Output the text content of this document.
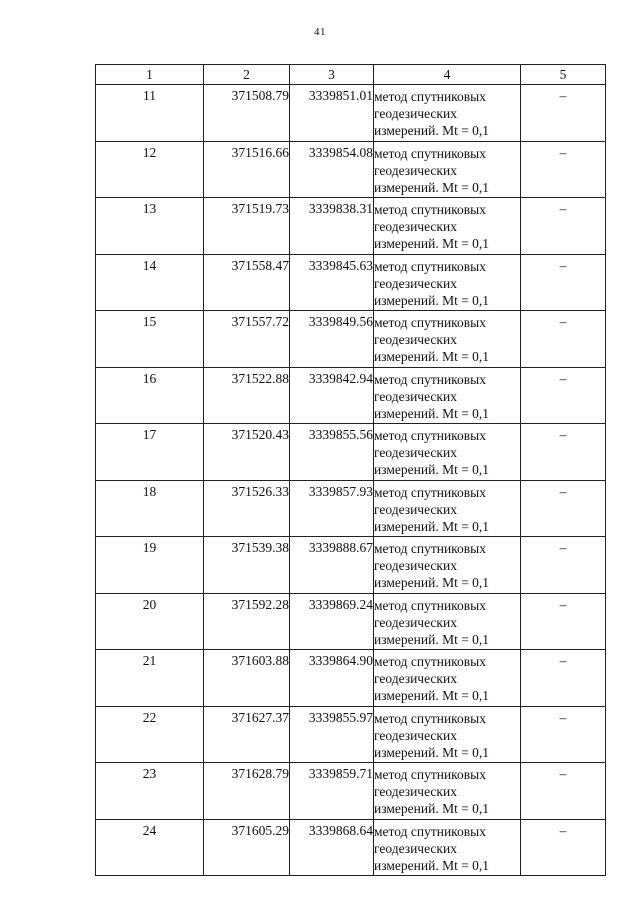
41
1	2	3	4	5
11	371508.79	3339851.01	метод спутниковых
геодезических
измерений. Mt = 0,1	–
12	371516.66	3339854.08	метод спутниковых
геодезических
измерений. Mt = 0,1	–
13	371519.73	3339838.31	метод спутниковых
геодезических
измерений. Mt = 0,1	–
14	371558.47	3339845.63	метод спутниковых
геодезических
измерений. Mt = 0,1	–
15	371557.72	3339849.56	метод спутниковых
геодезических
измерений. Mt = 0,1	–
16	371522.88	3339842.94	метод спутниковых
геодезических
измерений. Mt = 0,1	–
17	371520.43	3339855.56	метод спутниковых
геодезических
измерений. Mt = 0,1	–
18	371526.33	3339857.93	метод спутниковых
геодезических
измерений. Mt = 0,1	–
19	371539.38	3339888.67	метод спутниковых
геодезических
измерений. Mt = 0,1	–
20	371592.28	3339869.24	метод спутниковых
геодезических
измерений. Mt = 0,1	–
21	371603.88	3339864.90	метод спутниковых
геодезических
измерений. Mt = 0,1	–
22	371627.37	3339855.97	метод спутниковых
геодезических
измерений. Mt = 0,1	–
23	371628.79	3339859.71	метод спутниковых
геодезических
измерений. Mt = 0,1	–
24	371605.29	3339868.64	метод спутниковых
геодезических
измерений. Mt = 0,1	–
